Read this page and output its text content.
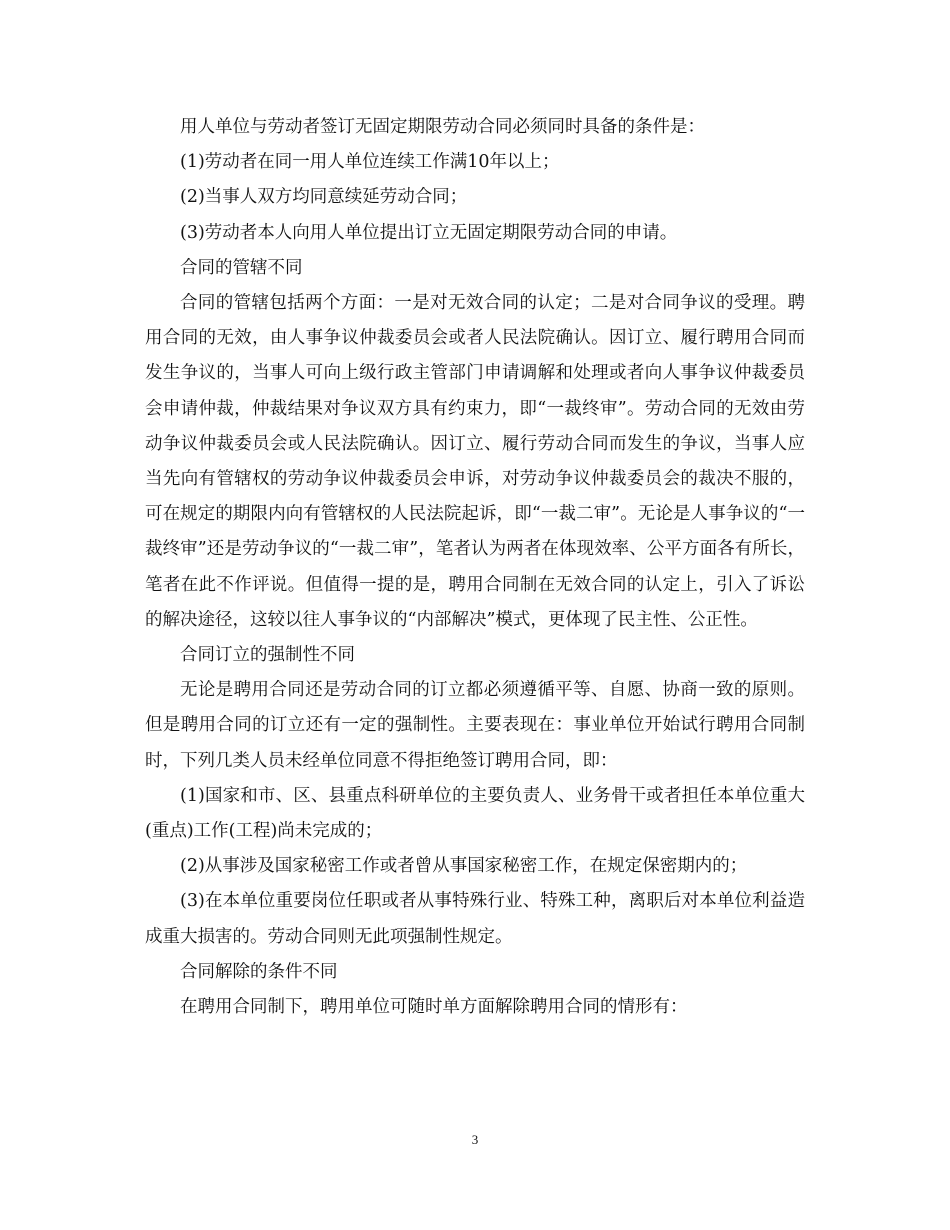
用人单位与劳动者签订无固定期限劳动合同必须同时具备的条件是：

(1)劳动者在同一用人单位连续工作满10年以上；

(2)当事人双方均同意续延劳动合同；

(3)劳动者本人向用人单位提出订立无固定期限劳动合同的申请。

合同的管辖不同

合同的管辖包括两个方面：一是对无效合同的认定；二是对合同争议的受理。聘用合同的无效，由人事争议仲裁委员会或者人民法院确认。因订立、履行聘用合同而发生争议的，当事人可向上级行政主管部门申请调解和处理或者向人事争议仲裁委员会申请仲裁，仲裁结果对争议双方具有约束力，即“一裁终审”。劳动合同的无效由劳动争议仲裁委员会或人民法院确认。因订立、履行劳动合同而发生的争议，当事人应当先向有管辖权的劳动争议仲裁委员会申诉，对劳动争议仲裁委员会的裁决不服的，可在规定的期限内向有管辖权的人民法院起诉，即“一裁二审”。无论是人事争议的“一裁终审”还是劳动争议的“一裁二审”，笔者认为两者在体现效率、公平方面各有所长，笔者在此不作评说。但值得一提的是，聘用合同制在无效合同的认定上，引入了诉讼的解决途径，这较以往人事争议的“内部解决”模式，更体现了民主性、公正性。

合同订立的强制性不同

无论是聘用合同还是劳动合同的订立都必须遵循平等、自愿、协商一致的原则。但是聘用合同的订立还有一定的强制性。主要表现在：事业单位开始试行聘用合同制时，下列几类人员未经单位同意不得拒绝签订聘用合同，即：

(1)国家和市、区、县重点科研单位的主要负责人、业务骨干或者担任本单位重大(重点)工作(工程)尚未完成的；

(2)从事涉及国家秘密工作或者曾从事国家秘密工作，在规定保密期内的；

(3)在本单位重要岗位任职或者从事特殊行业、特殊工种，离职后对本单位利益造成重大损害的。劳动合同则无此项强制性规定。

合同解除的条件不同

在聘用合同制下，聘用单位可随时单方面解除聘用合同的情形有：

3
